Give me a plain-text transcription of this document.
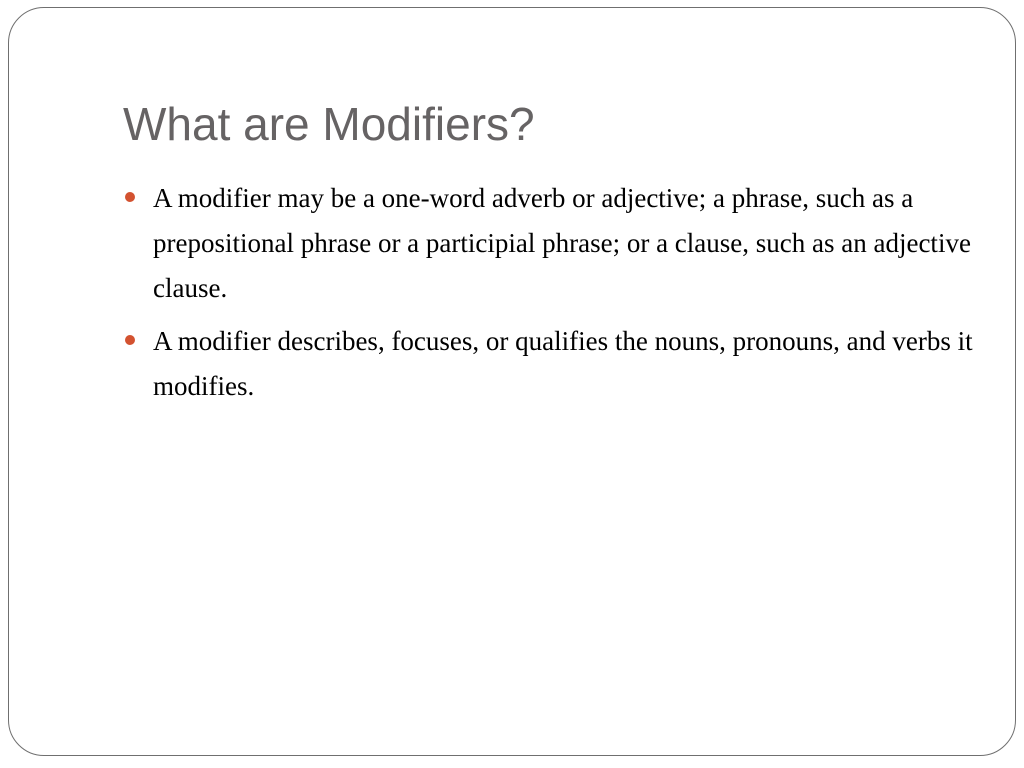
What are Modifiers?
A modifier may be a one-word adverb or adjective; a phrase, such as a prepositional phrase or a participial phrase; or a clause, such as an adjective clause.
A modifier describes, focuses, or qualifies the nouns, pronouns, and verbs it modifies.
